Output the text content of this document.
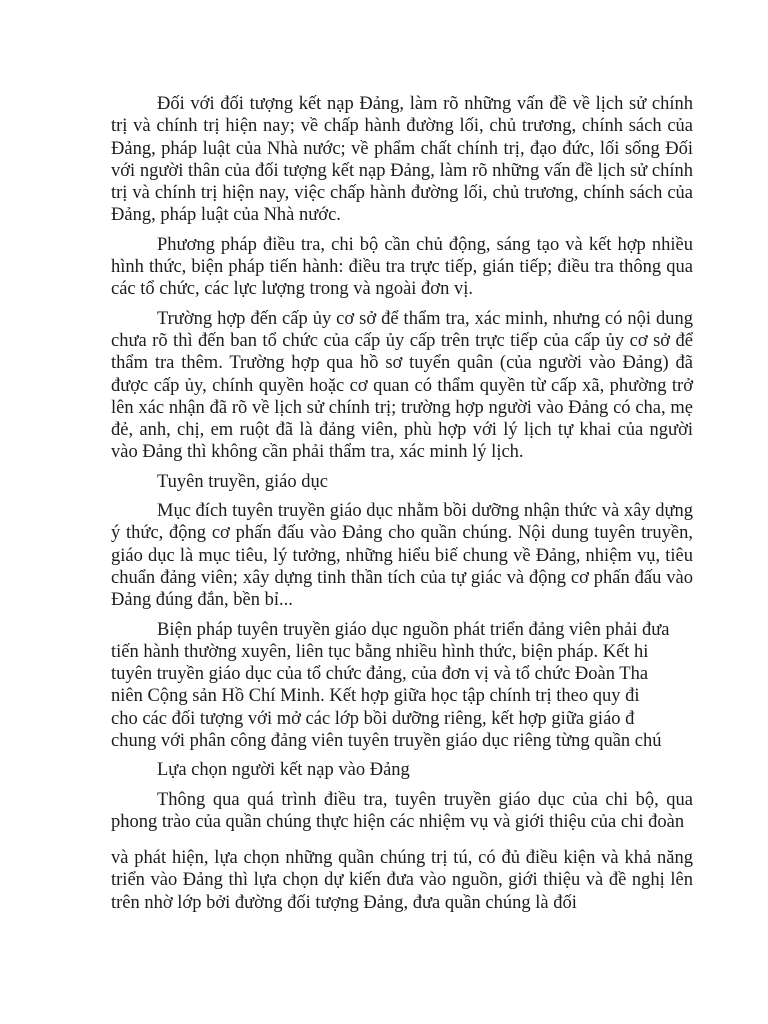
Đối với đối tượng kết nạp Đảng, làm rõ những vấn đề về lịch sử chính trị và chính trị hiện nay; về chấp hành đường lối, chủ trương, chính sách của Đảng, pháp luật của Nhà nước; về phẩm chất chính trị, đạo đức, lối sống Đối với người thân của đối tượng kết nạp Đảng, làm rõ những vấn đề lịch sử chính trị và chính trị hiện nay, việc chấp hành đường lối, chủ trương, chính sách của Đảng, pháp luật của Nhà nước.

Phương pháp điều tra, chi bộ cần chủ động, sáng tạo và kết hợp nhiều hình thức, biện pháp tiến hành: điều tra trực tiếp, gián tiếp; điều tra thông qua các tổ chức, các lực lượng trong và ngoài đơn vị.

Trường hợp đến cấp ủy cơ sở để thẩm tra, xác minh, nhưng có nội dung chưa rõ thì đến ban tổ chức của cấp ủy cấp trên trực tiếp của cấp ủy cơ sở để thẩm tra thêm. Trường hợp qua hồ sơ tuyển quân (của người vào Đảng) đã được cấp ủy, chính quyền hoặc cơ quan có thẩm quyền từ cấp xã, phường trở lên xác nhận đã rõ về lịch sử chính trị; trường hợp người vào Đảng có cha, mẹ đẻ, anh, chị, em ruột đã là đảng viên, phù hợp với lý lịch tự khai của người vào Đảng thì không cần phải thẩm tra, xác minh lý lịch.

Tuyên truyền, giáo dục

Mục đích tuyên truyền giáo dục nhằm bồi dưỡng nhận thức và xây dựng ý thức, động cơ phấn đấu vào Đảng cho quần chúng. Nội dung tuyên truyền, giáo dục là mục tiêu, lý tưởng, những hiểu biế chung về Đảng, nhiệm vụ, tiêu chuẩn đảng viên; xây dựng tinh thần tích của tự giác và động cơ phấn đấu vào Đảng đúng đắn, bền bỉ...

Biện pháp tuyên truyền giáo dục nguồn phát triển đảng viên phải đưa
tiến hành thường xuyên, liên tục bằng nhiều hình thức, biện pháp. Kết hi
tuyên truyền giáo dục của tổ chức đảng, của đơn vị và tổ chức Đoàn Tha
niên Cộng sản Hồ Chí Minh. Kết hợp giữa học tập chính trị theo quy đi
cho các đối tượng với mở các lớp bồi dưỡng riêng, kết hợp giữa giáo đ
chung với phân công đảng viên tuyên truyền giáo dục riêng từng quần chú

Lựa chọn người kết nạp vào Đảng

Thông qua quá trình điều tra, tuyên truyền giáo dục của chi bộ, qua phong trào của quần chúng thực hiện các nhiệm vụ và giới thiệu của chi đoàn

và phát hiện, lựa chọn những quần chúng trị tú, có đủ điều kiện và khả năng triển vào Đảng thì lựa chọn dự kiến đưa vào nguồn, giới thiệu và đề nghị lên trên nhờ lớp bởi đường đối tượng Đảng, đưa quần chúng là đối
